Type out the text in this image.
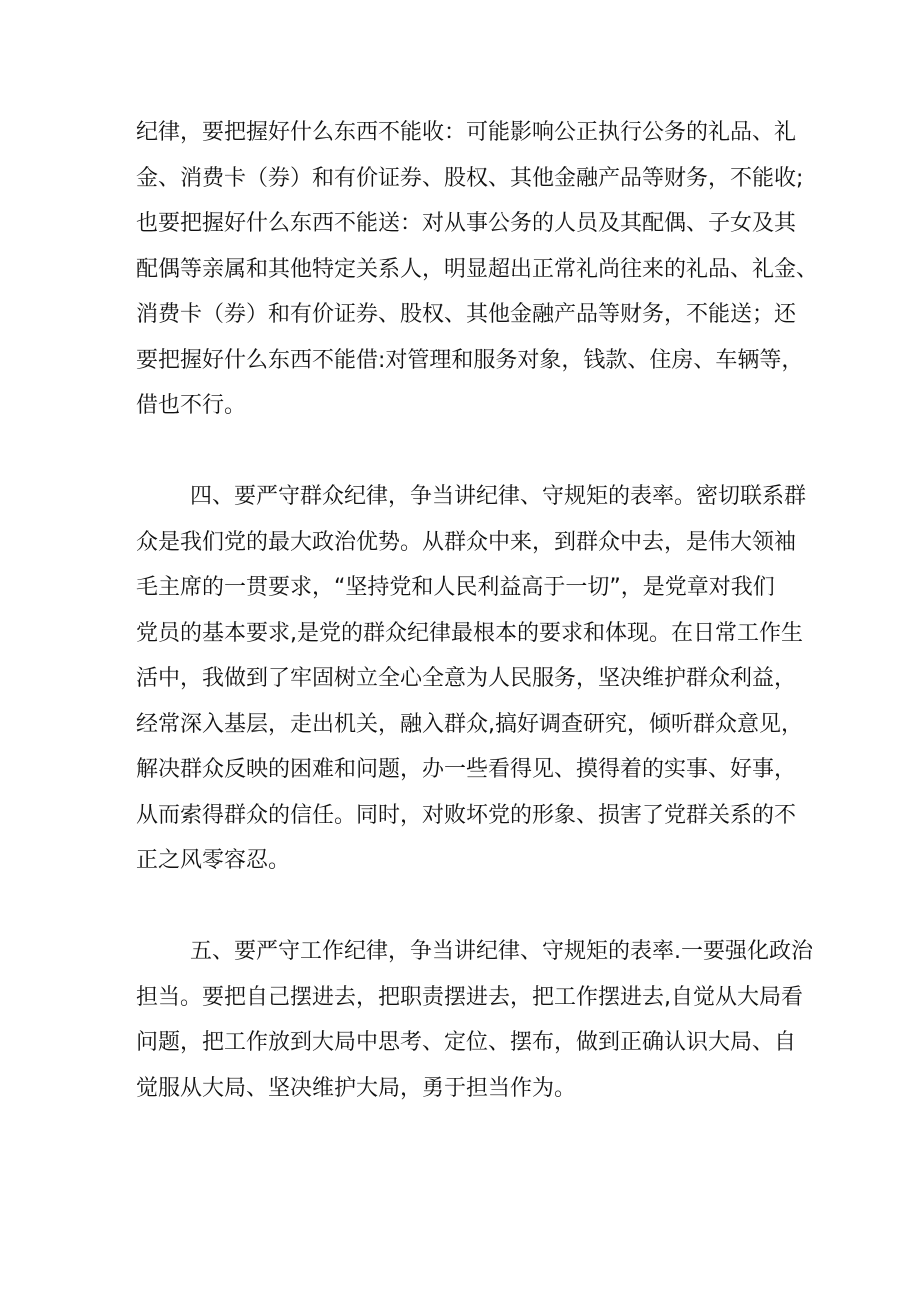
纪律，要把握好什么东西不能收：可能影响公正执行公务的礼品、礼
金、消费卡（券）和有价证券、股权、其他金融产品等财务，不能收;
也要把握好什么东西不能送：对从事公务的人员及其配偶、子女及其
配偶等亲属和其他特定关系人，明显超出正常礼尚往来的礼品、礼金、
消费卡（券）和有价证券、股权、其他金融产品等财务，不能送；还
要把握好什么东西不能借:对管理和服务对象，钱款、住房、车辆等，
借也不行。
四、要严守群众纪律，争当讲纪律、守规矩的表率。密切联系群
众是我们党的最大政治优势。从群众中来，到群众中去，是伟大领袖
毛主席的一贯要求，“坚持党和人民利益高于一切”，是党章对我们
党员的基本要求,是党的群众纪律最根本的要求和体现。在日常工作生
活中，我做到了牢固树立全心全意为人民服务，坚决维护群众利益，
经常深入基层，走出机关，融入群众,搞好调查研究，倾听群众意见，
解决群众反映的困难和问题，办一些看得见、摸得着的实事、好事，
从而索得群众的信任。同时，对败坏党的形象、损害了党群关系的不
正之风零容忍。
五、要严守工作纪律，争当讲纪律、守规矩的表率.一要强化政治
担当。要把自己摆进去，把职责摆进去，把工作摆进去,自觉从大局看
问题，把工作放到大局中思考、定位、摆布，做到正确认识大局、自
觉服从大局、坚决维护大局，勇于担当作为。
